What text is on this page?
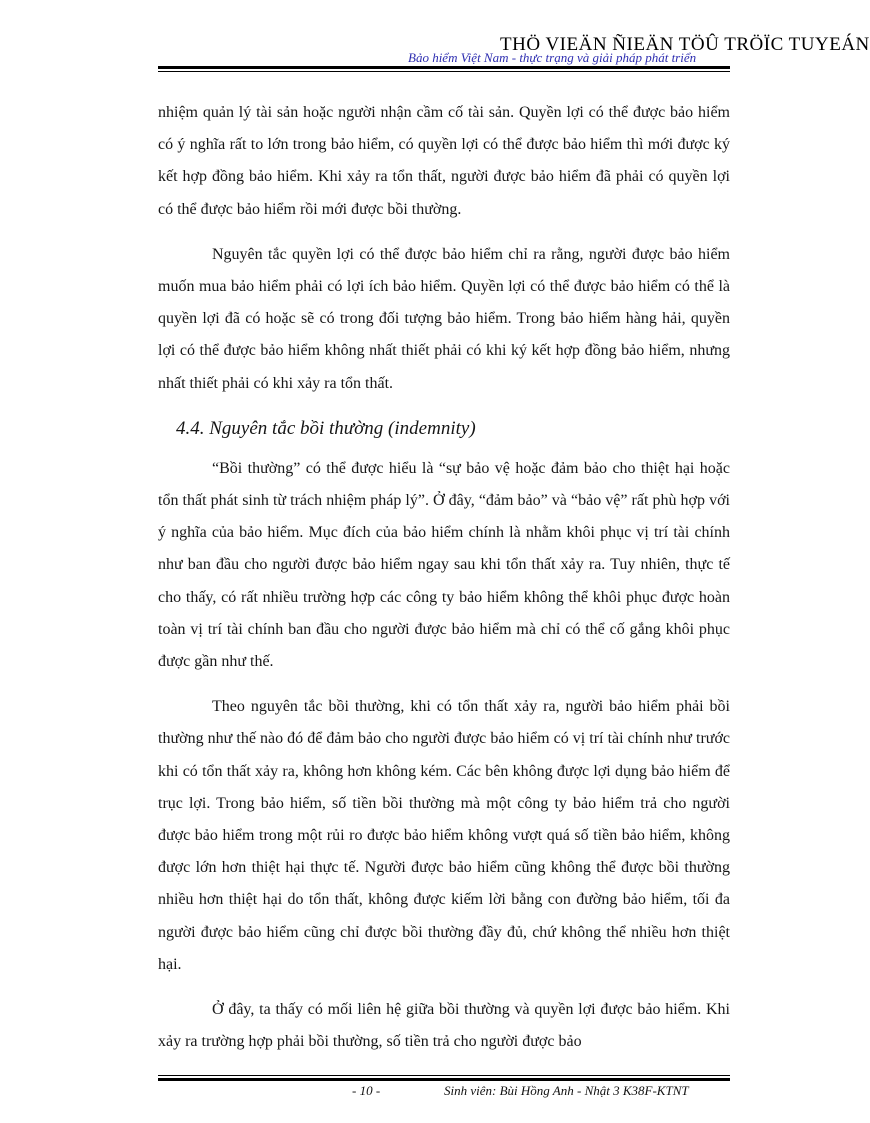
THÖ VIEÄN ÑIEÄN TÖÛ TRÖÏC TUYEÁN
Bảo hiểm Việt Nam - thực trạng và giải pháp phát triển

nhiệm quản lý tài sản hoặc người nhận cầm cố tài sản. Quyền lợi có thể được bảo hiểm có ý nghĩa rất to lớn trong bảo hiểm, có quyền lợi có thể được bảo hiểm thì mới được ký kết hợp đồng bảo hiểm. Khi xảy ra tổn thất, người được bảo hiểm đã phải có quyền lợi có thể được bảo hiểm rồi mới được bồi thường.

Nguyên tắc quyền lợi có thể được bảo hiểm chỉ ra rằng, người được bảo hiểm muốn mua bảo hiểm phải có lợi ích bảo hiểm. Quyền lợi có thể được bảo hiểm có thể là quyền lợi đã có hoặc sẽ có trong đối tượng bảo hiểm. Trong bảo hiểm hàng hải, quyền lợi có thể được bảo hiểm không nhất thiết phải có khi ký kết hợp đồng bảo hiểm, nhưng nhất thiết phải có khi xảy ra tổn thất.

4.4. Nguyên tắc bồi thường (indemnity)

“Bồi thường” có thể được hiểu là “sự bảo vệ hoặc đảm bảo cho thiệt hại hoặc tổn thất phát sinh từ trách nhiệm pháp lý”. Ở đây, “đảm bảo” và “bảo vệ” rất phù hợp với ý nghĩa của bảo hiểm. Mục đích của bảo hiểm chính là nhằm khôi phục vị trí tài chính như ban đầu cho người được bảo hiểm ngay sau khi tổn thất xảy ra. Tuy nhiên, thực tế cho thấy, có rất nhiều trường hợp các công ty bảo hiểm không thể khôi phục được hoàn toàn vị trí tài chính ban đầu cho người được bảo hiểm mà chỉ có thể cố gắng khôi phục được gần như thế.

Theo nguyên tắc bồi thường, khi có tổn thất xảy ra, người bảo hiểm phải bồi thường như thế nào đó để đảm bảo cho người được bảo hiểm có vị trí tài chính như trước khi có tổn thất xảy ra, không hơn không kém. Các bên không được lợi dụng bảo hiểm để trục lợi. Trong bảo hiểm, số tiền bồi thường mà một công ty bảo hiểm trả cho người được bảo hiểm trong một rủi ro được bảo hiểm không vượt quá số tiền bảo hiểm, không được lớn hơn thiệt hại thực tế. Người được bảo hiểm cũng không thể được bồi thường nhiều hơn thiệt hại do tổn thất, không được kiếm lời bằng con đường bảo hiểm, tối đa người được bảo hiểm cũng chỉ được bồi thường đầy đủ, chứ không thể nhiều hơn thiệt hại.

Ở đây, ta thấy có mối liên hệ giữa bồi thường và quyền lợi được bảo hiểm. Khi xảy ra trường hợp phải bồi thường, số tiền trả cho người được bảo

- 10 -	Sinh viên: Bùi Hồng Anh - Nhật 3 K38F-KTNT
